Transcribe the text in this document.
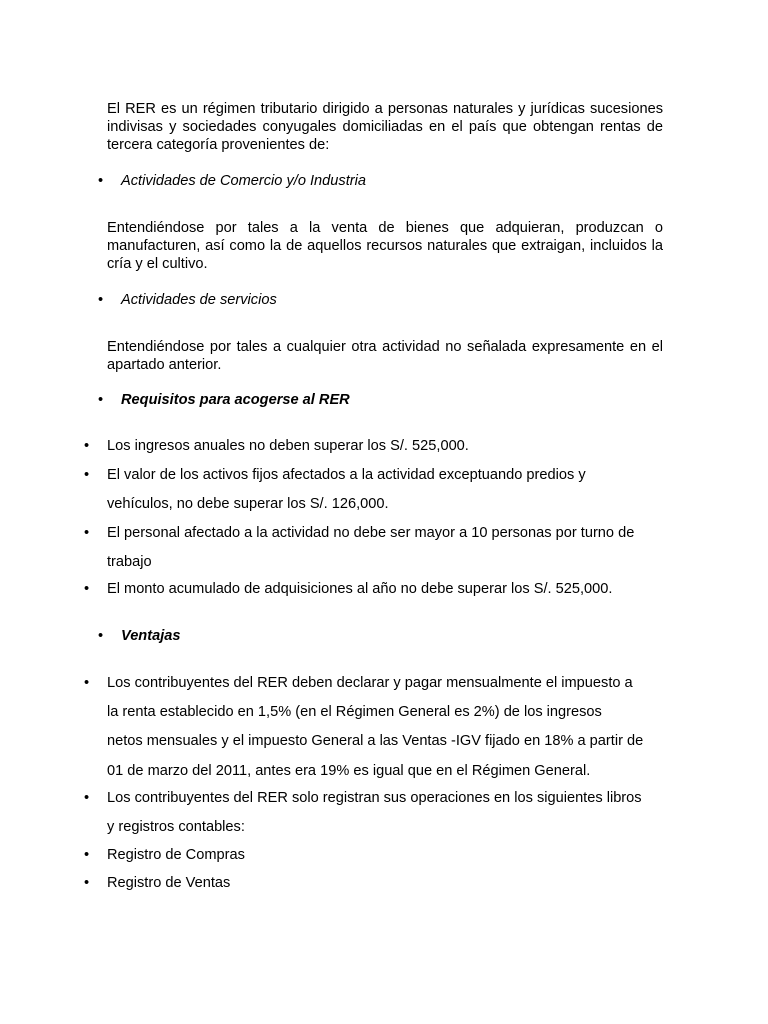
El RER es un régimen tributario dirigido a personas naturales y jurídicas sucesiones indivisas y sociedades conyugales domiciliadas en el país que obtengan rentas de tercera categoría provenientes de:

• Actividades de Comercio y/o Industria

Entendiéndose por tales a la venta de bienes que adquieran, produzcan o manufacturen, así como la de aquellos recursos naturales que extraigan, incluidos la cría y el cultivo.

• Actividades de servicios

Entendiéndose por tales a cualquier otra actividad no señalada expresamente en el apartado anterior.

• Requisitos para acogerse al RER
• Los ingresos anuales no deben superar los S/. 525,000.
• El valor de los activos fijos afectados a la actividad exceptuando predios y
vehículos, no debe superar los S/. 126,000.
• El personal afectado a la actividad no debe ser mayor a 10 personas por turno de
trabajo
• El monto acumulado de adquisiciones al año no debe superar los S/. 525,000.
• Ventajas
• Los contribuyentes del RER deben declarar y pagar mensualmente el impuesto a
la renta establecido en 1,5% (en el Régimen General es 2%) de los ingresos
netos mensuales y el impuesto General a las Ventas -IGV fijado en 18% a partir de
01 de marzo del 2011, antes era 19% es igual que en el Régimen General.
• Los contribuyentes del RER solo registran sus operaciones en los siguientes libros
y registros contables:
• Registro de Compras
• Registro de Ventas
